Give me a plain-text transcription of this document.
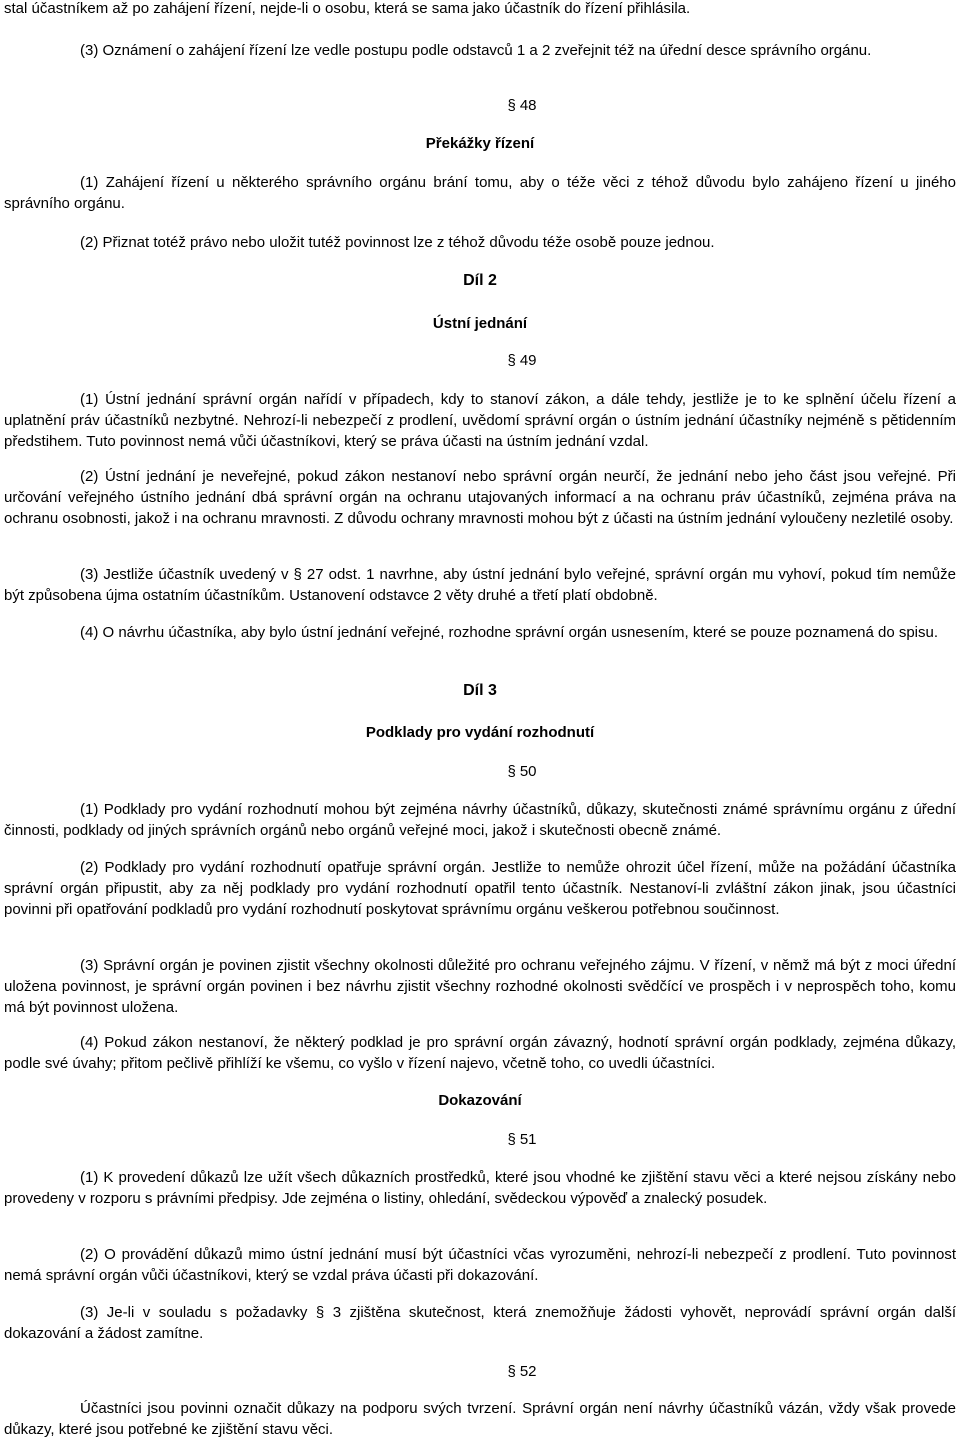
stal účastníkem až po zahájení řízení, nejde-li o osobu, která se sama jako účastník do řízení přihlásila.

(3) Oznámení o zahájení řízení lze vedle postupu podle odstavců 1 a 2 zveřejnit též na úřední desce správního orgánu.

§ 48

Překážky řízení

(1) Zahájení řízení u některého správního orgánu brání tomu, aby o téže věci z téhož důvodu bylo zahájeno řízení u jiného správního orgánu.

(2) Přiznat totéž právo nebo uložit tutéž povinnost lze z téhož důvodu téže osobě pouze jednou.

Díl 2

Ústní jednání

§ 49

(1) Ústní jednání správní orgán nařídí v případech, kdy to stanoví zákon, a dále tehdy, jestliže je to ke splnění účelu řízení a uplatnění práv účastníků nezbytné. Nehrozí-li nebezpečí z prodlení, uvědomí správní orgán o ústním jednání účastníky nejméně s pětidenním předstihem. Tuto povinnost nemá vůči účastníkovi, který se práva účasti na ústním jednání vzdal.

(2) Ústní jednání je neveřejné, pokud zákon nestanoví nebo správní orgán neurčí, že jednání nebo jeho část jsou veřejné. Při určování veřejného ústního jednání dbá správní orgán na ochranu utajovaných informací a na ochranu práv účastníků, zejména práva na ochranu osobnosti, jakož i na ochranu mravnosti. Z důvodu ochrany mravnosti mohou být z účasti na ústním jednání vyloučeny nezletilé osoby.

(3) Jestliže účastník uvedený v § 27 odst. 1 navrhne, aby ústní jednání bylo veřejné, správní orgán mu vyhoví, pokud tím nemůže být způsobena újma ostatním účastníkům. Ustanovení odstavce 2 věty druhé a třetí platí obdobně.

(4) O návrhu účastníka, aby bylo ústní jednání veřejné, rozhodne správní orgán usnesením, které se pouze poznamená do spisu.

Díl 3

Podklady pro vydání rozhodnutí

§ 50

(1) Podklady pro vydání rozhodnutí mohou být zejména návrhy účastníků, důkazy, skutečnosti známé správnímu orgánu z úřední činnosti, podklady od jiných správních orgánů nebo orgánů veřejné moci, jakož i skutečnosti obecně známé.

(2) Podklady pro vydání rozhodnutí opatřuje správní orgán. Jestliže to nemůže ohrozit účel řízení, může na požádání účastníka správní orgán připustit, aby za něj podklady pro vydání rozhodnutí opatřil tento účastník. Nestanoví-li zvláštní zákon jinak, jsou účastníci povinni při opatřování podkladů pro vydání rozhodnutí poskytovat správnímu orgánu veškerou potřebnou součinnost.

(3) Správní orgán je povinen zjistit všechny okolnosti důležité pro ochranu veřejného zájmu. V řízení, v němž má být z moci úřední uložena povinnost, je správní orgán povinen i bez návrhu zjistit všechny rozhodné okolnosti svědčící ve prospěch i v neprospěch toho, komu má být povinnost uložena.

(4) Pokud zákon nestanoví, že některý podklad je pro správní orgán závazný, hodnotí správní orgán podklady, zejména důkazy, podle své úvahy; přitom pečlivě přihlíží ke všemu, co vyšlo v řízení najevo, včetně toho, co uvedli účastníci.

Dokazování

§ 51

(1) K provedení důkazů lze užít všech důkazních prostředků, které jsou vhodné ke zjištění stavu věci a které nejsou získány nebo provedeny v rozporu s právními předpisy. Jde zejména o listiny, ohledání, svědeckou výpověď a znalecký posudek.

(2) O provádění důkazů mimo ústní jednání musí být účastníci včas vyrozuměni, nehrozí-li nebezpečí z prodlení. Tuto povinnost nemá správní orgán vůči účastníkovi, který se vzdal práva účasti při dokazování.

(3) Je-li v souladu s požadavky § 3 zjištěna skutečnost, která znemožňuje žádosti vyhovět, neprovádí správní orgán další dokazování a žádost zamítne.

§ 52

Účastníci jsou povinni označit důkazy na podporu svých tvrzení. Správní orgán není návrhy účastníků vázán, vždy však provede důkazy, které jsou potřebné ke zjištění stavu věci.
